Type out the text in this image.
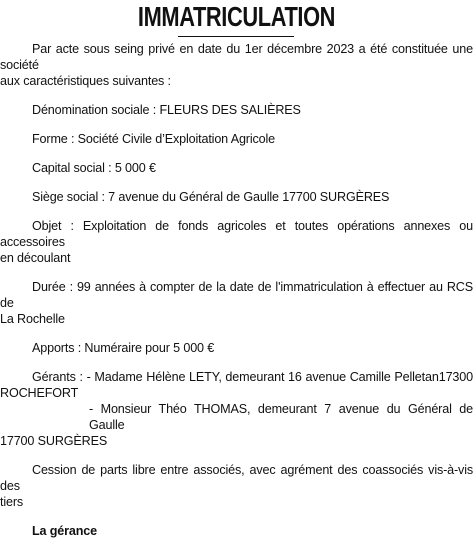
IMMATRICULATION
Par acte sous seing privé en date du 1er décembre 2023 a été constituée une société
aux caractéristiques suivantes :
Dénomination sociale : FLEURS DES SALIÈRES
Forme : Société Civile d’Exploitation Agricole
Capital social : 5 000 €
Siège social : 7 avenue du Général de Gaulle 17700 SURGÈRES
Objet : Exploitation de fonds agricoles et toutes opérations annexes ou accessoires
en découlant
Durée : 99 années à compter de la date de l'immatriculation à effectuer au RCS de
La Rochelle
Apports : Numéraire pour 5 000 €
Gérants : - Madame Hélène LETY, demeurant 16 avenue Camille Pelletan17300
ROCHEFORT
- Monsieur Théo THOMAS, demeurant 7 avenue du Général de Gaulle
17700 SURGÈRES
Cession de parts libre entre associés, avec agrément des coassociés vis-à-vis des
tiers
La gérance
